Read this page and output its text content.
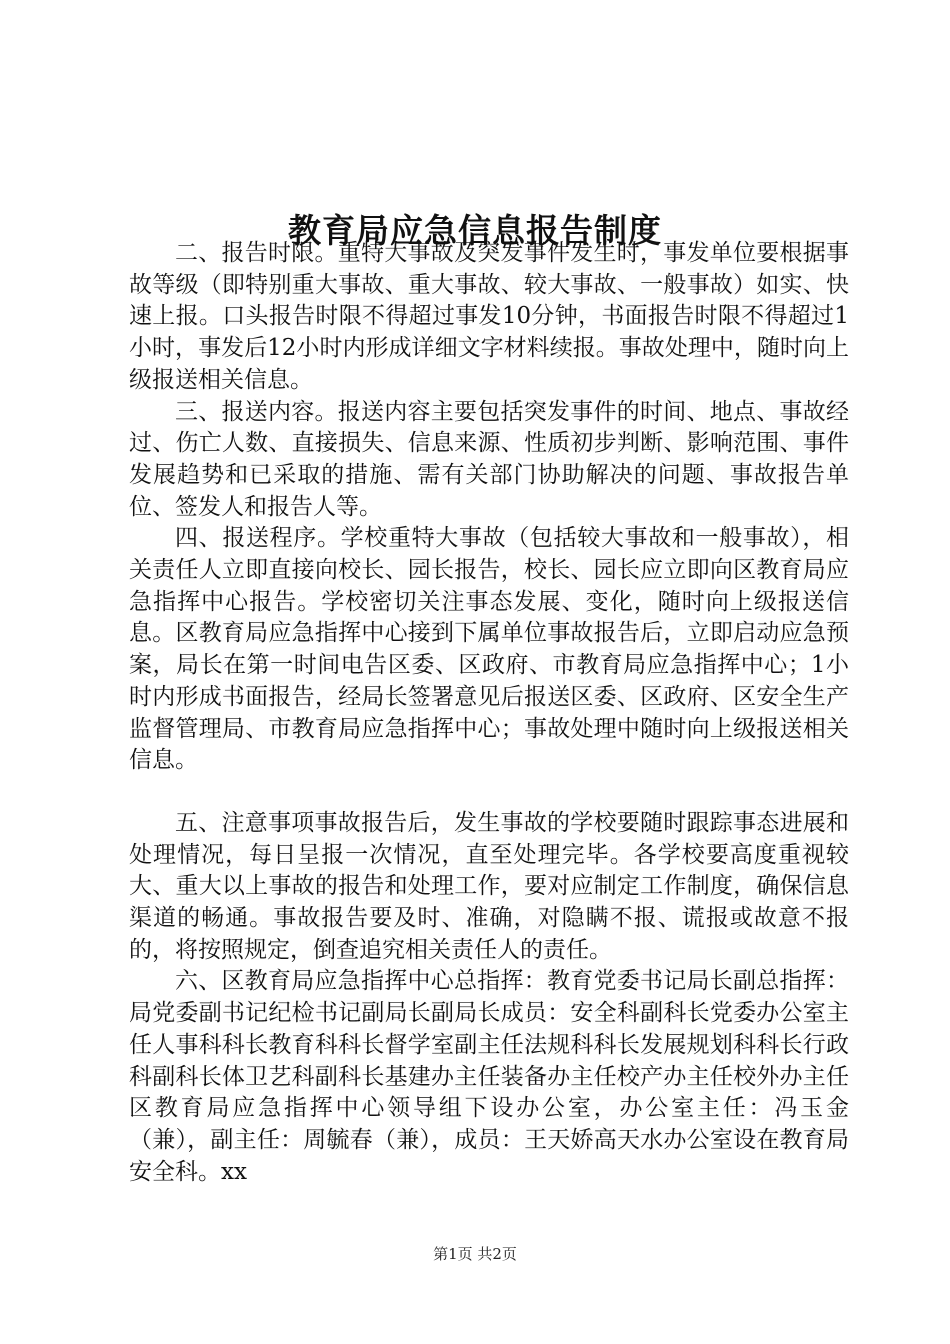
教育局应急信息报告制度

二、报告时限。重特大事故及突发事件发生时，事发单位要根据事故等级（即特别重大事故、重大事故、较大事故、一般事故）如实、快速上报。口头报告时限不得超过事发10分钟，书面报告时限不得超过1小时，事发后12小时内形成详细文字材料续报。事故处理中，随时向上级报送相关信息。

三、报送内容。报送内容主要包括突发事件的时间、地点、事故经过、伤亡人数、直接损失、信息来源、性质初步判断、影响范围、事件发展趋势和已采取的措施、需有关部门协助解决的问题、事故报告单位、签发人和报告人等。

四、报送程序。学校重特大事故（包括较大事故和一般事故），相关责任人立即直接向校长、园长报告，校长、园长应立即向区教育局应急指挥中心报告。学校密切关注事态发展、变化，随时向上级报送信息。区教育局应急指挥中心接到下属单位事故报告后，立即启动应急预案，局长在第一时间电告区委、区政府、市教育局应急指挥中心；1小时内形成书面报告，经局长签署意见后报送区委、区政府、区安全生产监督管理局、市教育局应急指挥中心；事故处理中随时向上级报送相关信息。

五、注意事项事故报告后，发生事故的学校要随时跟踪事态进展和处理情况，每日呈报一次情况，直至处理完毕。各学校要高度重视较大、重大以上事故的报告和处理工作，要对应制定工作制度，确保信息渠道的畅通。事故报告要及时、准确，对隐瞒不报、谎报或故意不报的，将按照规定，倒查追究相关责任人的责任。

六、区教育局应急指挥中心总指挥：教育党委书记局长副总指挥：局党委副书记纪检书记副局长副局长成员：安全科副科长党委办公室主任人事科科长教育科科长督学室副主任法规科科长发展规划科科长行政科副科长体卫艺科副科长基建办主任装备办主任校产办主任校外办主任区教育局应急指挥中心领导组下设办公室，办公室主任：冯玉金（兼），副主任：周毓春（兼），成员：王天娇高天水办公室设在教育局安全科。xx

第1页 共2页
